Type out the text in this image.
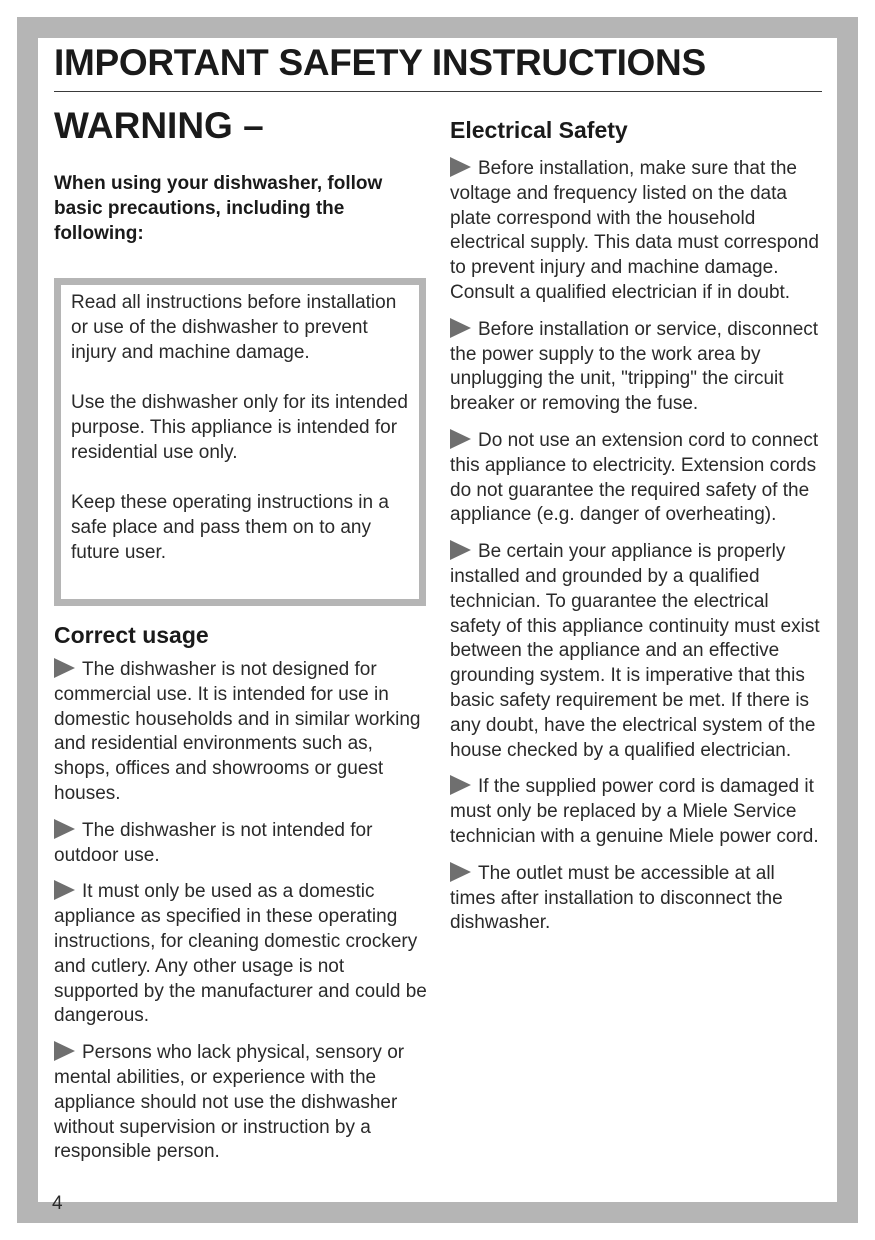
IMPORTANT SAFETY INSTRUCTIONS
WARNING –

When using your dishwasher, follow basic precautions, including the following:

Read all instructions before installation or use of the dishwasher to prevent injury and machine damage.

Use the dishwasher only for its intended purpose. This appliance is intended for residential use only.

Keep these operating instructions in a safe place and pass them on to any future user.

Correct usage

The dishwasher is not designed for commercial use. It is intended for use in domestic households and in similar working and residential environments such as, shops, offices and showrooms or guest houses.

The dishwasher is not intended for outdoor use.

It must only be used as a domestic appliance as specified in these operating instructions, for cleaning domestic crockery and cutlery. Any other usage is not supported by the manufacturer and could be dangerous.

Persons who lack physical, sensory or mental abilities, or experience with the appliance should not use the dishwasher without supervision or instruction by a responsible person.

Electrical Safety

Before installation, make sure that the voltage and frequency listed on the data plate correspond with the household electrical supply. This data must correspond to prevent injury and machine damage. Consult a qualified electrician if in doubt.

Before installation or service, disconnect the power supply to the work area by unplugging the unit, "tripping" the circuit breaker or removing the fuse.

Do not use an extension cord to connect this appliance to electricity. Extension cords do not guarantee the required safety of the appliance (e.g. danger of overheating).

Be certain your appliance is properly installed and grounded by a qualified technician. To guarantee the electrical safety of this appliance continuity must exist between the appliance and an effective grounding system. It is imperative that this basic safety requirement be met. If there is any doubt, have the electrical system of the house checked by a qualified electrician.

If the supplied power cord is damaged it must only be replaced by a Miele Service technician with a genuine Miele power cord.

The outlet must be accessible at all times after installation to disconnect the dishwasher.

4
